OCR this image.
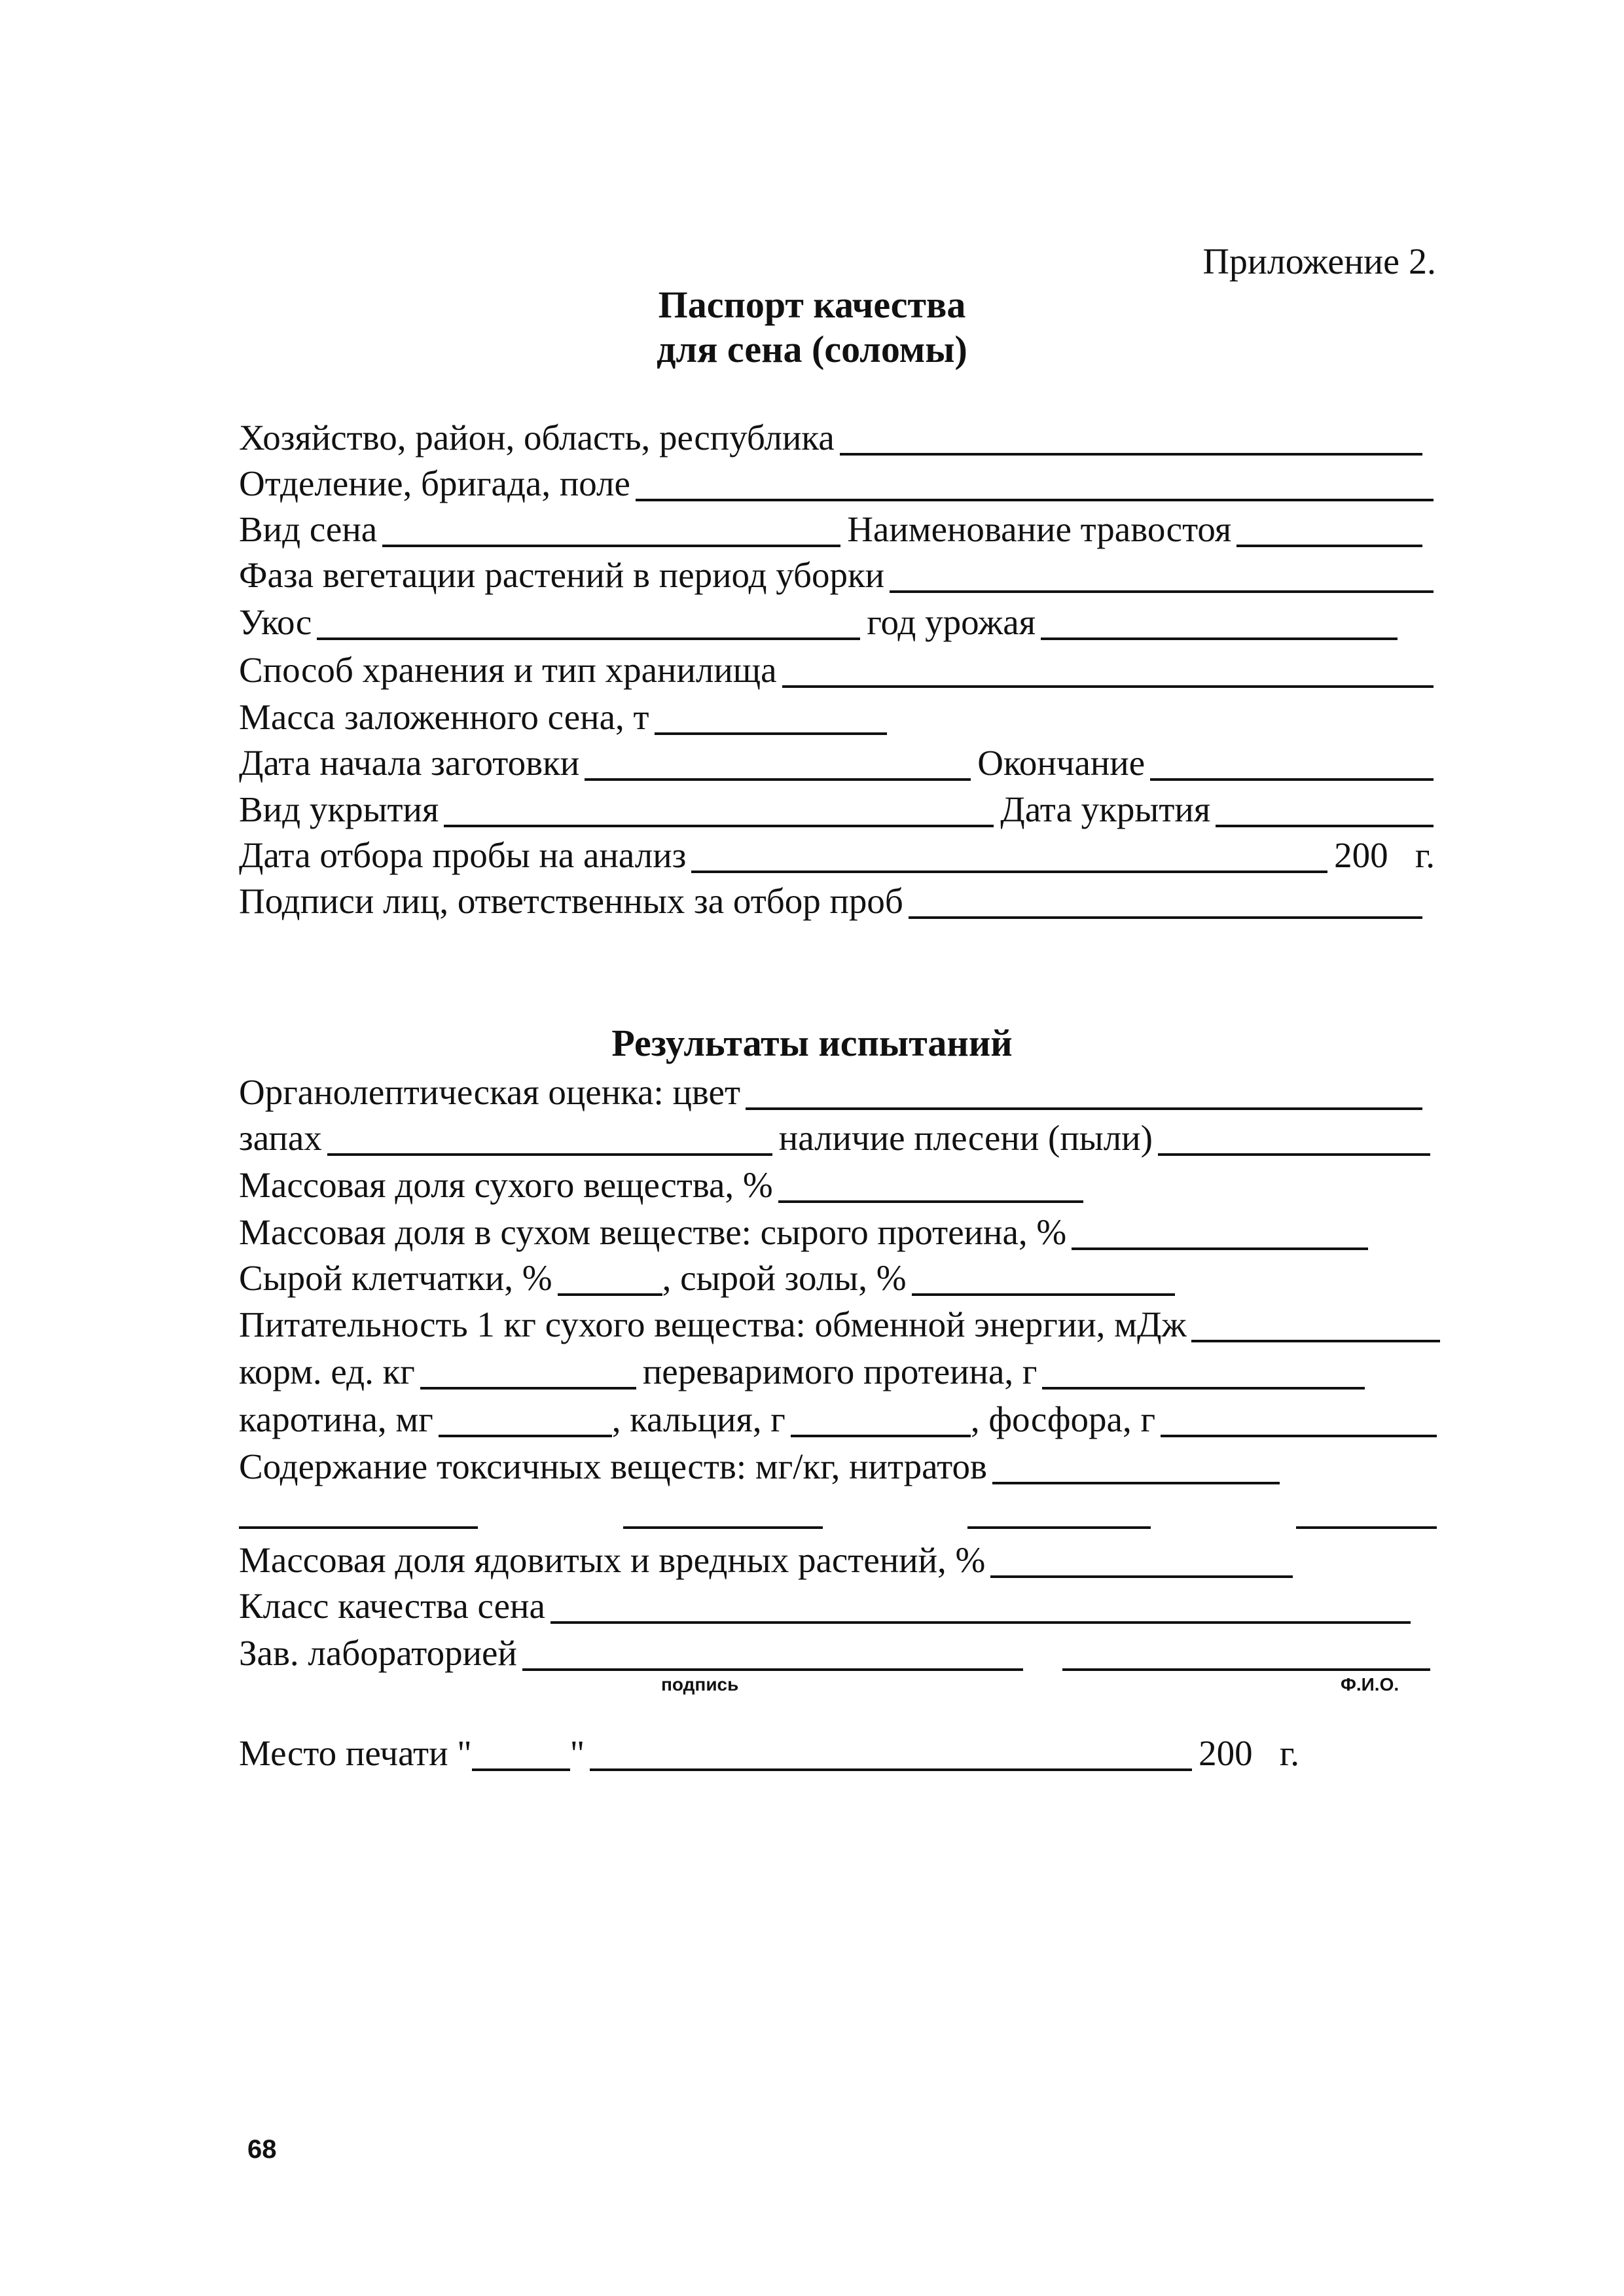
Приложение 2.
Паспорт качества
для сена (соломы)
Хозяйство, район, область, республика
Отделение, бригада, поле
Вид сена	Наименование травостоя
Фаза вегетации растений в период уборки
Укос	год урожая
Способ хранения и тип хранилища
Масса заложенного сена, т
Дата начала заготовки	Окончание
Вид укрытия	Дата укрытия
Дата отбора пробы на анализ	200   г.
Подписи лиц, ответственных за отбор проб
Результаты испытаний
Органолептическая оценка: цвет
запах	наличие плесени (пыли)
Массовая доля сухого вещества, %
Массовая доля в сухом веществе: сырого протеина, %
Сырой клетчатки, %	, сырой золы, %
Питательность 1 кг сухого вещества: обменной энергии, мДж
корм. ед. кг	переваримого протеина, г
каротина, мг	, кальция, г	, фосфора, г
Содержание токсичных веществ: мг/кг, нитратов
Массовая доля ядовитых и вредных растений, %
Класс качества сена
Зав. лабораторией
подпись	Ф.И.О.
Место печати "	"	200   г.
68
